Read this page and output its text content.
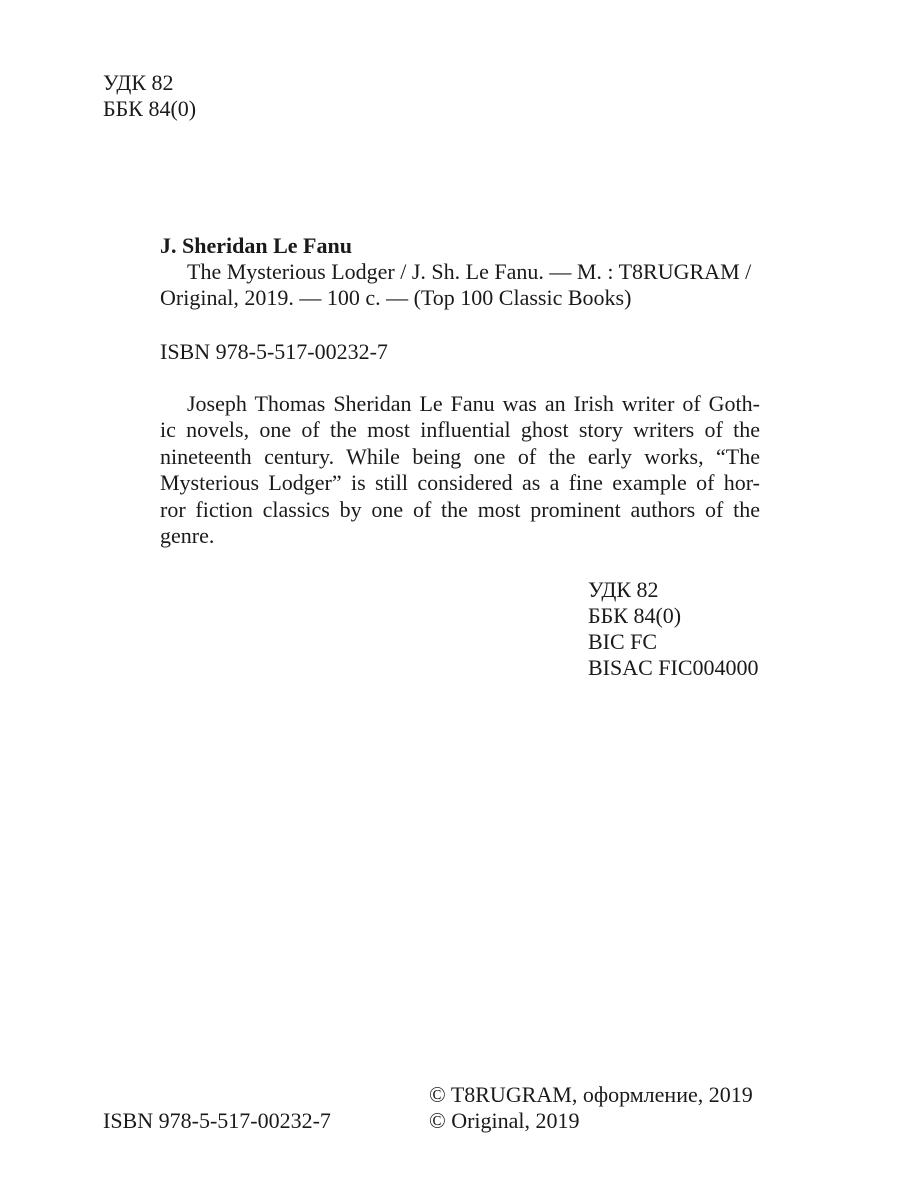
УДК 82
ББК 84(0)
J. Sheridan Le Fanu
The Mysterious Lodger / J. Sh. Le Fanu. — M. : T8RUGRAM /
Original, 2019. — 100 с. — (Top 100 Classic Books)
ISBN 978-5-517-00232-7
Joseph Thomas Sheridan Le Fanu was an Irish writer of Goth-
ic novels, one of the most influential ghost story writers of the
nineteenth century. While being one of the early works, “The
Mysterious Lodger” is still considered as a fine example of hor-
ror fiction classics by one of the most prominent authors of the
genre.
УДК 82
ББК 84(0)
BIC FC
BISAC FIC004000
ISBN 978-5-517-00232-7
© T8RUGRAM, оформление, 2019
© Original, 2019
